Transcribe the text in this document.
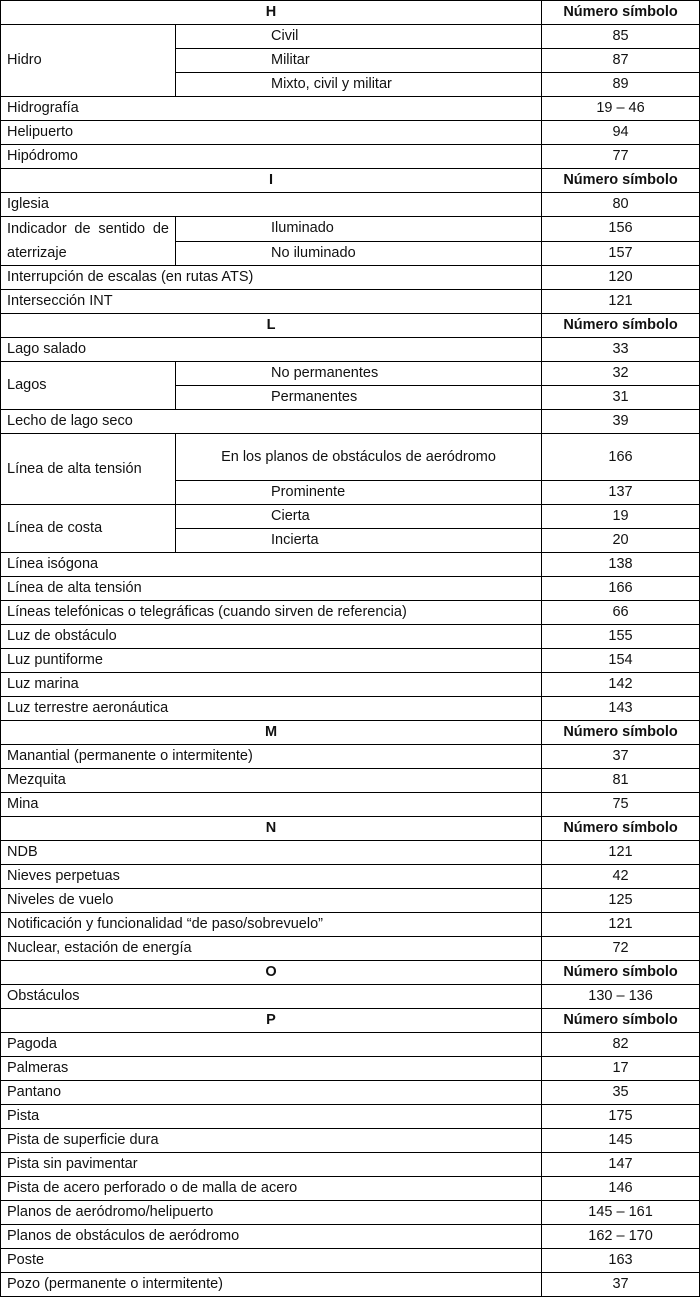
H		Número símbolo
Hidro	Civil	85
	Militar	87
	Mixto, civil y militar	89
Hidrografía		19 – 46
Helipuerto		94
Hipódromo		77
I		Número símbolo
Iglesia		80
Indicador de sentido de aterrizaje	Iluminado	156
	No iluminado	157
Interrupción de escalas (en rutas ATS)		120
Intersección INT		121
L		Número símbolo
Lago salado		33
Lagos	No permanentes	32
	Permanentes	31
Lecho de lago seco		39
Línea de alta tensión	En los planos de obstáculos de aeródromo	166
	Prominente	137
Línea de costa	Cierta	19
	Incierta	20
Línea isógona		138
Línea de alta tensión		166
Líneas telefónicas o telegráficas (cuando sirven de referencia)		66
Luz de obstáculo		155
Luz puntiforme		154
Luz marina		142
Luz terrestre aeronáutica		143
M		Número símbolo
Manantial (permanente o intermitente)		37
Mezquita		81
Mina		75
N		Número símbolo
NDB		121
Nieves perpetuas		42
Niveles de vuelo		125
Notificación y funcionalidad “de paso/sobrevuelo”		121
Nuclear, estación de energía		72
O		Número símbolo
Obstáculos		130 – 136
P		Número símbolo
Pagoda		82
Palmeras		17
Pantano		35
Pista		175
Pista de superficie dura		145
Pista sin pavimentar		147
Pista de acero perforado o de malla de acero		146
Planos de aeródromo/helipuerto		145 – 161
Planos de obstáculos de aeródromo		162 – 170
Poste		163
Pozo (permanente o intermitente)		37
